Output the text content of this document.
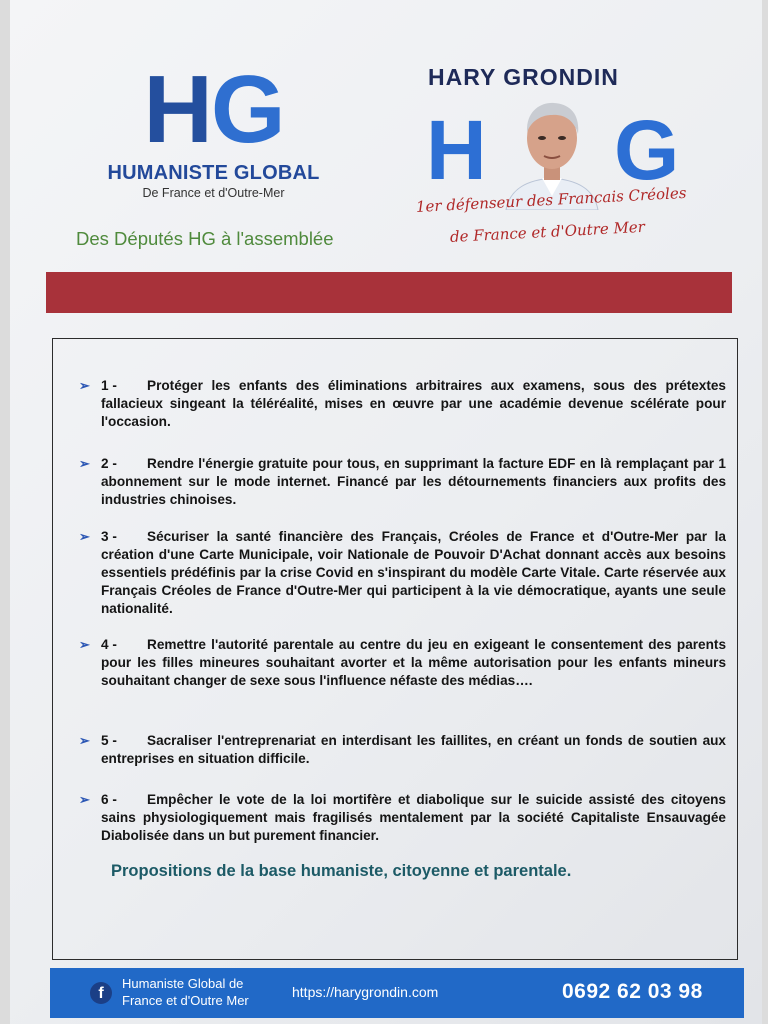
HG
HUMANISTE GLOBAL
De France et d'Outre-Mer
Des Députés HG à l'assemblée
HARY GRONDIN
H G
1er défenseur des Francais Créoles
de France et d'Outre Mer
➢ 1 - Protéger les enfants des éliminations arbitraires aux examens, sous des prétextes fallacieux singeant la téléréalité, mises en œuvre par une académie devenue scélérate pour l'occasion.
➢ 2 - Rendre l'énergie gratuite pour tous, en supprimant la facture EDF en là remplaçant par 1 abonnement sur le mode internet. Financé par les détournements financiers aux profits des industries chinoises.
➢ 3 - Sécuriser la santé financière des Français, Créoles de France et d'Outre-Mer par la création d'une Carte Municipale, voir Nationale de Pouvoir D'Achat donnant accès aux besoins essentiels prédéfinis par la crise Covid en s'inspirant du modèle Carte Vitale. Carte réservée aux Français Créoles de France d'Outre-Mer qui participent à la vie démocratique, ayants une seule nationalité.
➢ 4 - Remettre l'autorité parentale au centre du jeu en exigeant le consentement des parents pour les filles mineures souhaitant avorter et la même autorisation pour les enfants mineurs souhaitant changer de sexe sous l'influence néfaste des médias….
➢ 5 - Sacraliser l'entreprenariat en interdisant les faillites, en créant un fonds de soutien aux entreprises en situation difficile.
➢ 6 - Empêcher le vote de la loi mortifère et diabolique sur le suicide assisté des citoyens sains physiologiquement mais fragilisés mentalement par la société Capitaliste Ensauvagée Diabolisée dans un but purement financier.
Propositions de la base humaniste, citoyenne et parentale.
f
Humaniste Global de
France et d'Outre Mer
https://harygrondin.com	0692 62 03 98
